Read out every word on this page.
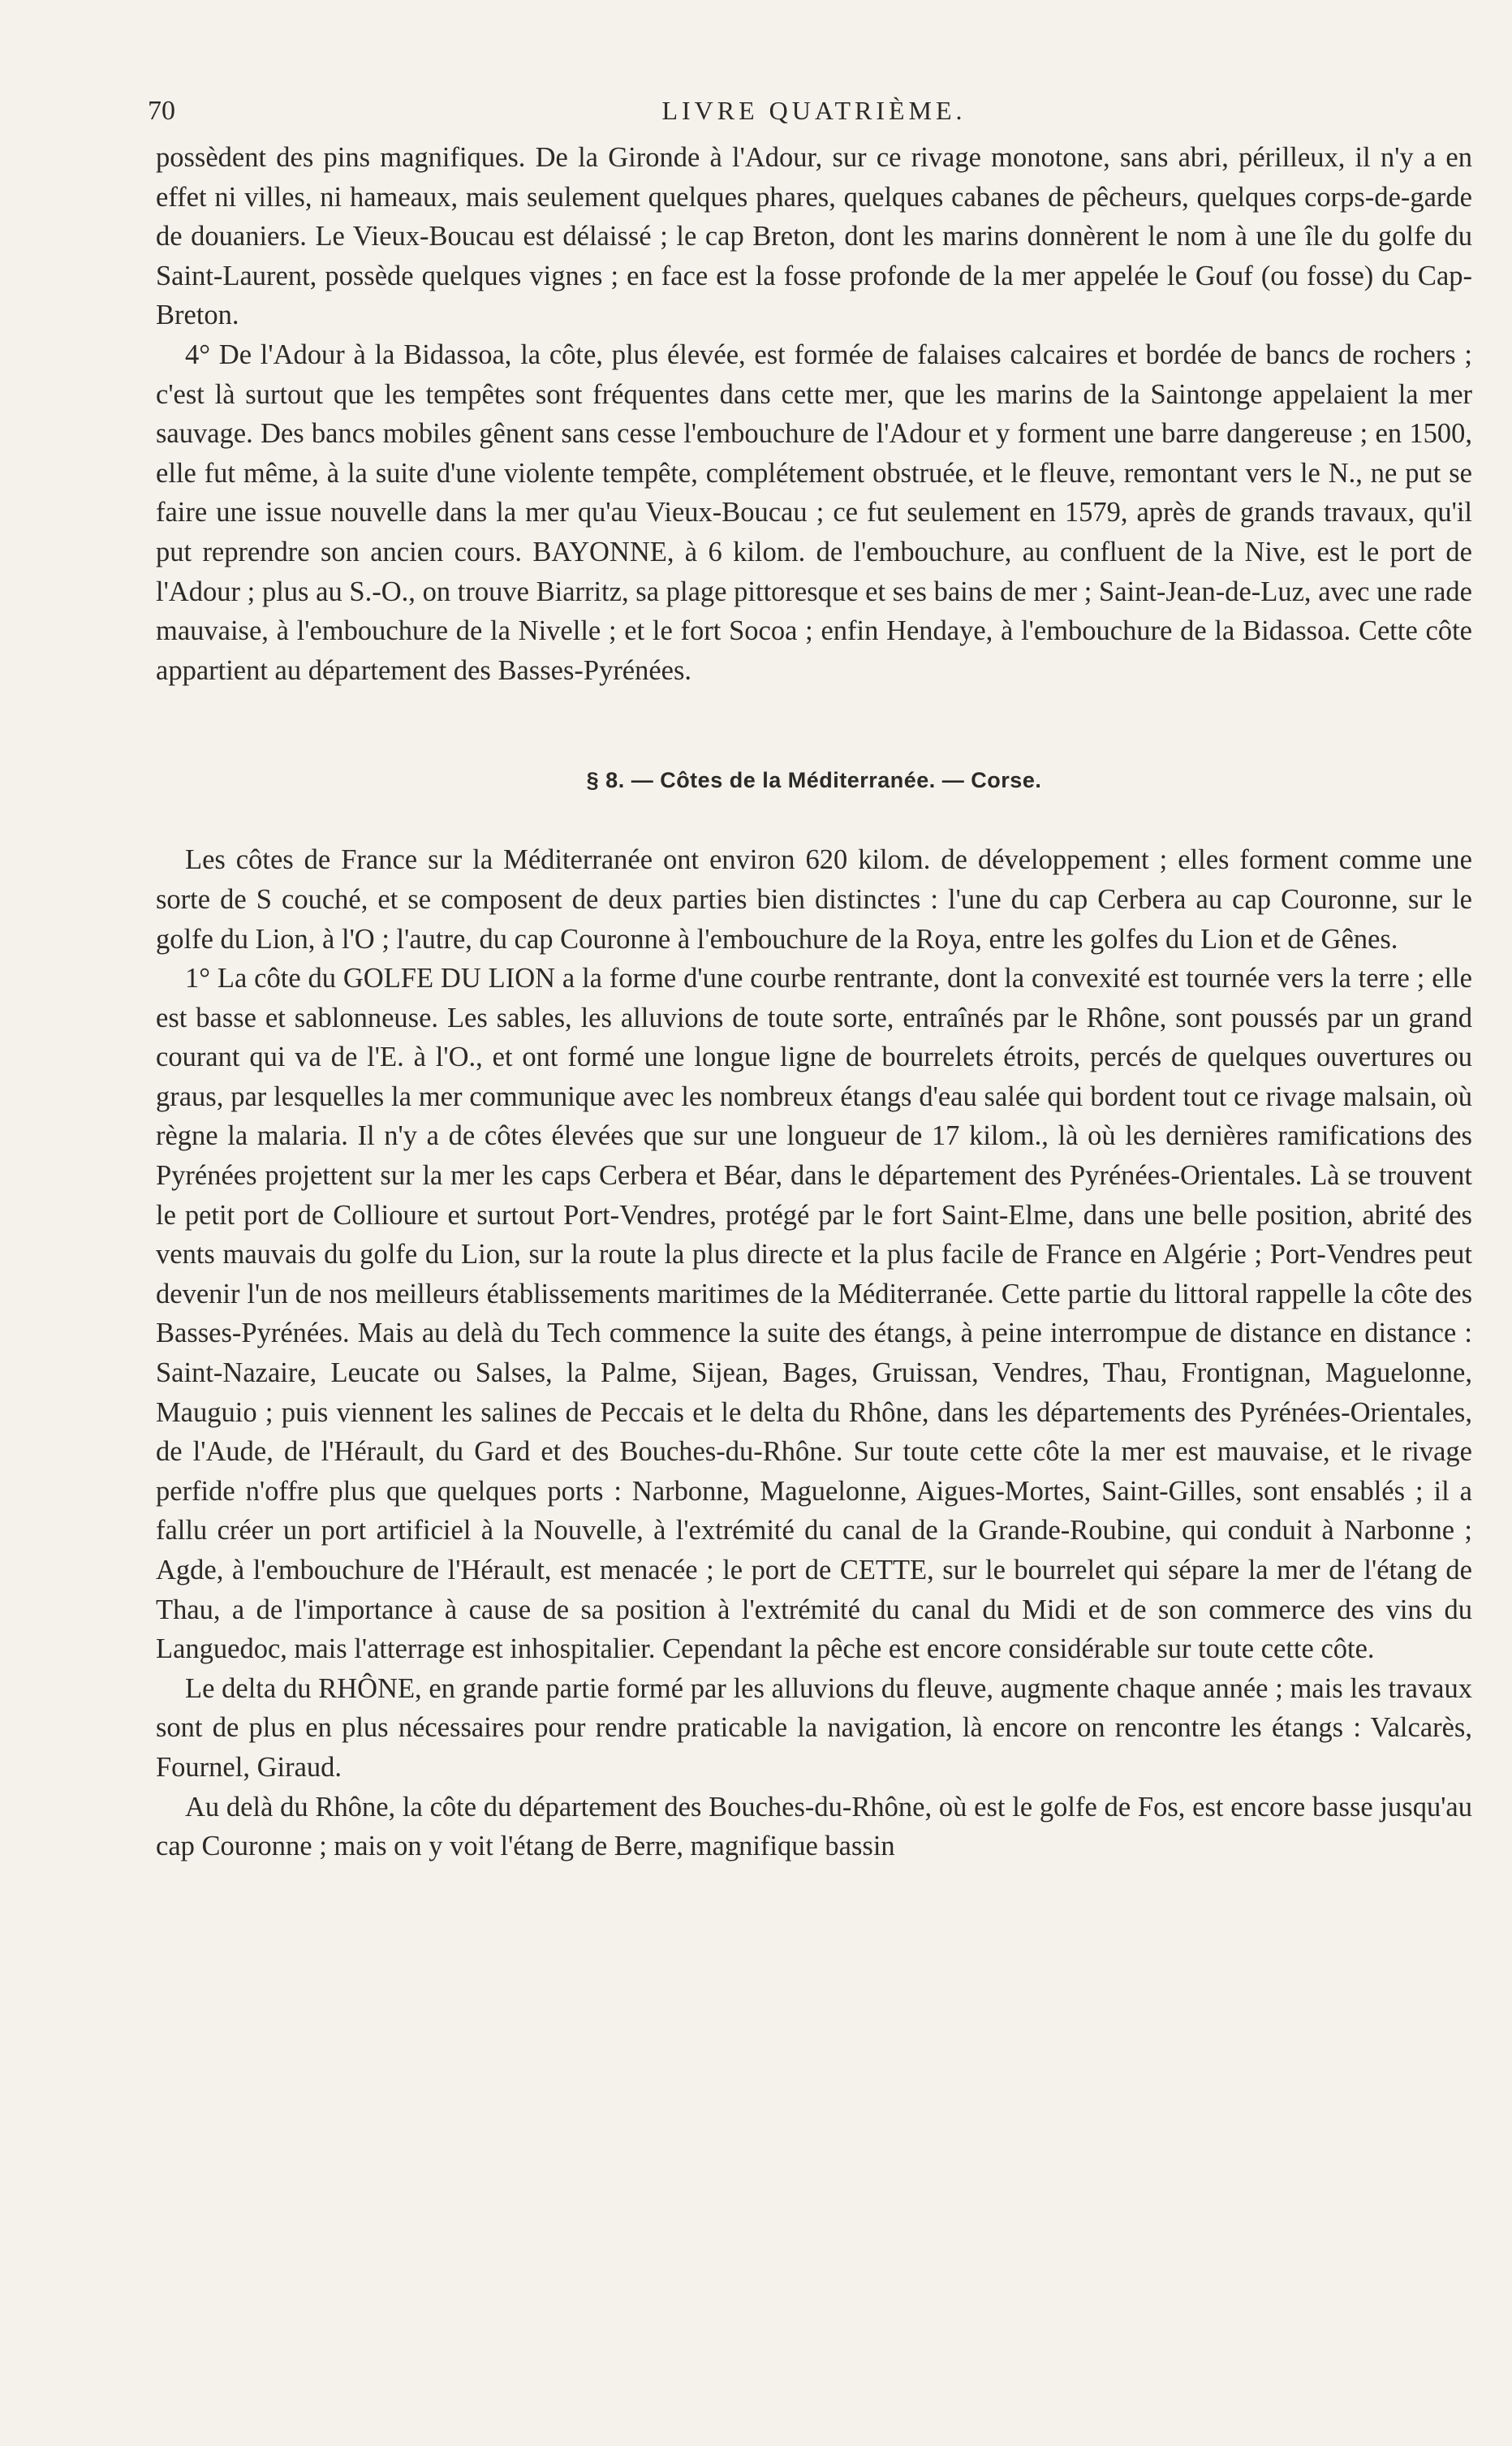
70	LIVRE QUATRIÈME.

possèdent des pins magnifiques. De la Gironde à l'Adour, sur ce rivage monotone, sans abri, périlleux, il n'y a en effet ni villes, ni hameaux, mais seulement quelques phares, quelques cabanes de pêcheurs, quelques corps-de-garde de douaniers. Le Vieux-Boucau est délaissé ; le cap Breton, dont les marins donnèrent le nom à une île du golfe du Saint-Laurent, possède quelques vignes ; en face est la fosse profonde de la mer appelée le Gouf (ou fosse) du Cap-Breton.

4° De l'Adour à la Bidassoa, la côte, plus élevée, est formée de falaises calcaires et bordée de bancs de rochers ; c'est là surtout que les tempêtes sont fréquentes dans cette mer, que les marins de la Saintonge appelaient la mer sauvage. Des bancs mobiles gênent sans cesse l'embouchure de l'Adour et y forment une barre dangereuse ; en 1500, elle fut même, à la suite d'une violente tempête, complétement obstruée, et le fleuve, remontant vers le N., ne put se faire une issue nouvelle dans la mer qu'au Vieux-Boucau ; ce fut seulement en 1579, après de grands travaux, qu'il put reprendre son ancien cours. BAYONNE, à 6 kilom. de l'embouchure, au confluent de la Nive, est le port de l'Adour ; plus au S.-O., on trouve Biarritz, sa plage pittoresque et ses bains de mer ; Saint-Jean-de-Luz, avec une rade mauvaise, à l'embouchure de la Nivelle ; et le fort Socoa ; enfin Hendaye, à l'embouchure de la Bidassoa. Cette côte appartient au département des Basses-Pyrénées.

§ 8. — Côtes de la Méditerranée. — Corse.

Les côtes de France sur la Méditerranée ont environ 620 kilom. de développement ; elles forment comme une sorte de S couché, et se composent de deux parties bien distinctes : l'une du cap Cerbera au cap Couronne, sur le golfe du Lion, à l'O ; l'autre, du cap Couronne à l'embouchure de la Roya, entre les golfes du Lion et de Gênes.

1° La côte du GOLFE DU LION a la forme d'une courbe rentrante, dont la convexité est tournée vers la terre ; elle est basse et sablonneuse. Les sables, les alluvions de toute sorte, entraînés par le Rhône, sont poussés par un grand courant qui va de l'E. à l'O., et ont formé une longue ligne de bourrelets étroits, percés de quelques ouvertures ou graus, par lesquelles la mer communique avec les nombreux étangs d'eau salée qui bordent tout ce rivage malsain, où règne la malaria. Il n'y a de côtes élevées que sur une longueur de 17 kilom., là où les dernières ramifications des Pyrénées projettent sur la mer les caps Cerbera et Béar, dans le département des Pyrénées-Orientales. Là se trouvent le petit port de Collioure et surtout Port-Vendres, protégé par le fort Saint-Elme, dans une belle position, abrité des vents mauvais du golfe du Lion, sur la route la plus directe et la plus facile de France en Algérie ; Port-Vendres peut devenir l'un de nos meilleurs établissements maritimes de la Méditerranée. Cette partie du littoral rappelle la côte des Basses-Pyrénées. Mais au delà du Tech commence la suite des étangs, à peine interrompue de distance en distance : Saint-Nazaire, Leucate ou Salses, la Palme, Sijean, Bages, Gruissan, Vendres, Thau, Frontignan, Maguelonne, Mauguio ; puis viennent les salines de Peccais et le delta du Rhône, dans les départements des Pyrénées-Orientales, de l'Aude, de l'Hérault, du Gard et des Bouches-du-Rhône. Sur toute cette côte la mer est mauvaise, et le rivage perfide n'offre plus que quelques ports : Narbonne, Maguelonne, Aigues-Mortes, Saint-Gilles, sont ensablés ; il a fallu créer un port artificiel à la Nouvelle, à l'extrémité du canal de la Grande-Roubine, qui conduit à Narbonne ; Agde, à l'embouchure de l'Hérault, est menacée ; le port de CETTE, sur le bourrelet qui sépare la mer de l'étang de Thau, a de l'importance à cause de sa position à l'extrémité du canal du Midi et de son commerce des vins du Languedoc, mais l'atterrage est inhospitalier. Cependant la pêche est encore considérable sur toute cette côte.

Le delta du RHÔNE, en grande partie formé par les alluvions du fleuve, augmente chaque année ; mais les travaux sont de plus en plus nécessaires pour rendre praticable la navigation, là encore on rencontre les étangs : Valcarès, Fournel, Giraud.

Au delà du Rhône, la côte du département des Bouches-du-Rhône, où est le golfe de Fos, est encore basse jusqu'au cap Couronne ; mais on y voit l'étang de Berre, magnifique bassin
